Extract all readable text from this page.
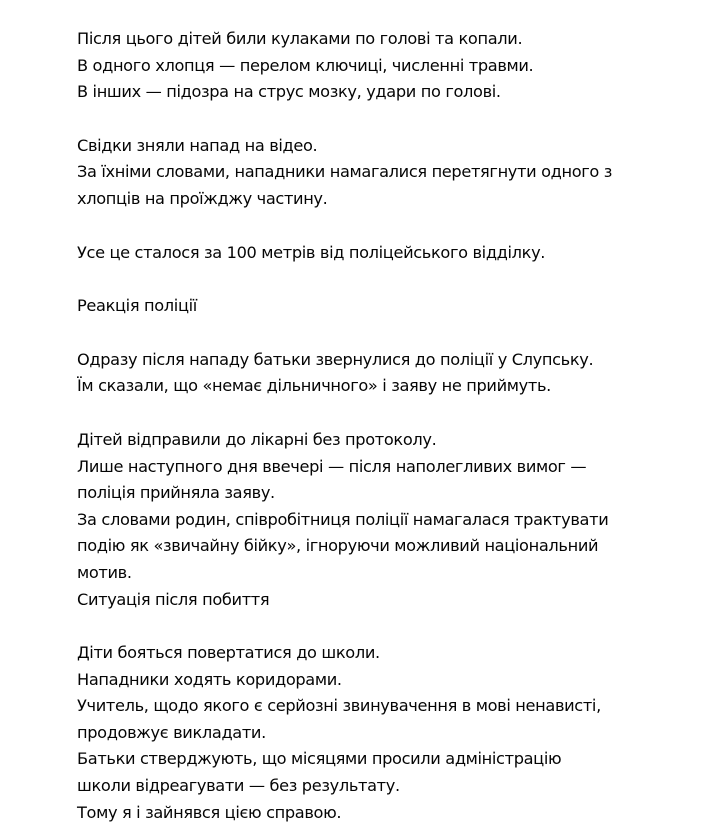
Після цього дітей били кулаками по голові та копали.
В одного хлопця — перелом ключиці, численні травми.
В інших — підозра на струс мозку, удари по голові.
Свідки зняли напад на відео.
За їхніми словами, нападники намагалися перетягнути одного з
хлопців на проїжджу частину.
Усе це сталося за 100 метрів від поліцейського відділку.
Реакція поліції
Одразу після нападу батьки звернулися до поліції у Слупську.
Їм сказали, що «немає дільничного» і заяву не приймуть.
Дітей відправили до лікарні без протоколу.
Лише наступного дня ввечері — після наполегливих вимог —
поліція прийняла заяву.
За словами родин, співробітниця поліції намагалася трактувати
подію як «звичайну бійку», ігноруючи можливий національний
мотив.
Ситуація після побиття
Діти бояться повертатися до школи.
Нападники ходять коридорами.
Учитель, щодо якого є серйозні звинувачення в мові ненависті,
продовжує викладати.
Батьки стверджують, що місяцями просили адміністрацію
школи відреагувати — без результату.
Тому я і зайнявся цією справою.
